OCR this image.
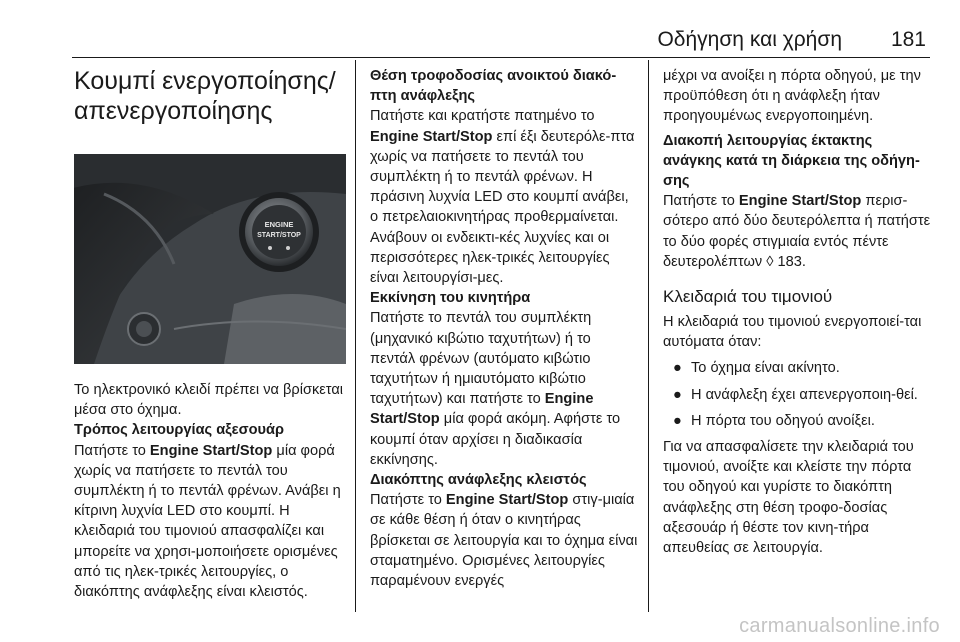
Οδήγηση και χρήση 181
Κουμπί ενεργοποίησης/ απενεργοποίησης
ENGINE
START/STOP

Το ηλεκτρονικό κλειδί πρέπει να βρίσκεται μέσα στο όχημα.

Τρόπος λειτουργίας αξεσουάρ

Πατήστε το Engine Start/Stop μία φορά χωρίς να πατήσετε το πεντάλ του συμπλέκτη ή το πεντάλ φρένων. Ανάβει η κίτρινη λυχνία LED στο κουμπί. Η κλειδαριά του τιμονιού απασφαλίζει και μπορείτε να χρησι-μοποιήσετε ορισμένες από τις ηλεκ-τρικές λειτουργίες, ο διακόπτης ανάφλεξης είναι κλειστός.

Θέση τροφοδοσίας ανοικτού διακό-πτη ανάφλεξης

Πατήστε και κρατήστε πατημένο το Engine Start/Stop επί έξι δευτερόλε-πτα χωρίς να πατήσετε το πεντάλ του συμπλέκτη ή το πεντάλ φρένων. Η πράσινη λυχνία LED στο κουμπί ανάβει, ο πετρελαιοκινητήρας προθερμαίνεται. Ανάβουν οι ενδεικτι-κές λυχνίες και οι περισσότερες ηλεκ-τρικές λειτουργίες είναι λειτουργίσι-μες.

Εκκίνηση του κινητήρα

Πατήστε το πεντάλ του συμπλέκτη (μηχανικό κιβώτιο ταχυτήτων) ή το πεντάλ φρένων (αυτόματο κιβώτιο ταχυτήτων ή ημιαυτόματο κιβώτιο ταχυτήτων) και πατήστε το Engine Start/Stop μία φορά ακόμη. Αφήστε το κουμπί όταν αρχίσει η διαδικασία εκκίνησης.

Διακόπτης ανάφλεξης κλειστός

Πατήστε το Engine Start/Stop στιγ-μιαία σε κάθε θέση ή όταν ο κινητήρας βρίσκεται σε λειτουργία και το όχημα είναι σταματημένο. Ορισμένες λειτουργίες παραμένουν ενεργές

μέχρι να ανοίξει η πόρτα οδηγού, με την προϋπόθεση ότι η ανάφλεξη ήταν προηγουμένως ενεργοποιημένη.

Διακοπή λειτουργίας έκτακτης ανάγκης κατά τη διάρκεια της οδήγη-σης

Πατήστε το Engine Start/Stop περισ-σότερο από δύο δευτερόλεπτα ή πατήστε το δύο φορές στιγμιαία εντός πέντε δευτερολέπτων ◊ 183.

Κλειδαριά του τιμονιού

Η κλειδαριά του τιμονιού ενεργοποιεί-ται αυτόματα όταν:

● Το όχημα είναι ακίνητο.
● Η ανάφλεξη έχει απενεργοποιη-θεί.
● Η πόρτα του οδηγού ανοίξει.

Για να απασφαλίσετε την κλειδαριά του τιμονιού, ανοίξτε και κλείστε την πόρτα του οδηγού και γυρίστε το διακόπτη ανάφλεξης στη θέση τροφο-δοσίας αξεσουάρ ή θέστε τον κινη-τήρα απευθείας σε λειτουργία.

carmanualsonline.info
